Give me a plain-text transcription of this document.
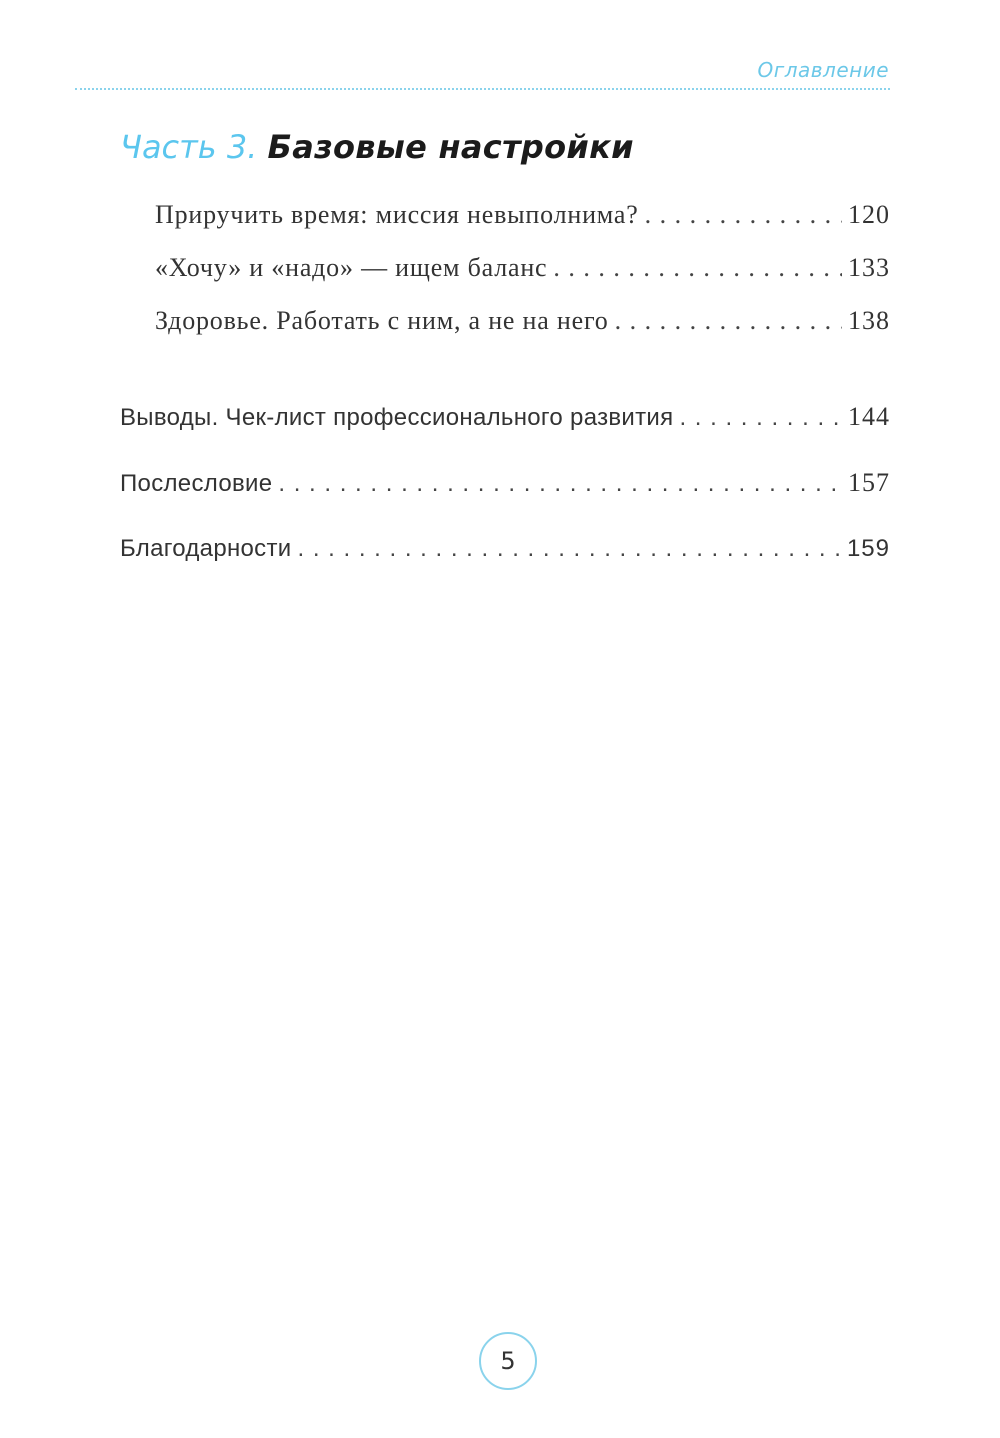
Оглавление
Часть 3. Базовые настройки
Приручить время: миссия невыполнима? . . .	120
«Хочу» и «надо» — ищем баланс . . .	133
Здоровье. Работать с ним, а не на него . . .	138
Выводы. Чек-лист профессионального развития . . .	144
Послесловие . . .	157
Благодарности . . .	159
5
